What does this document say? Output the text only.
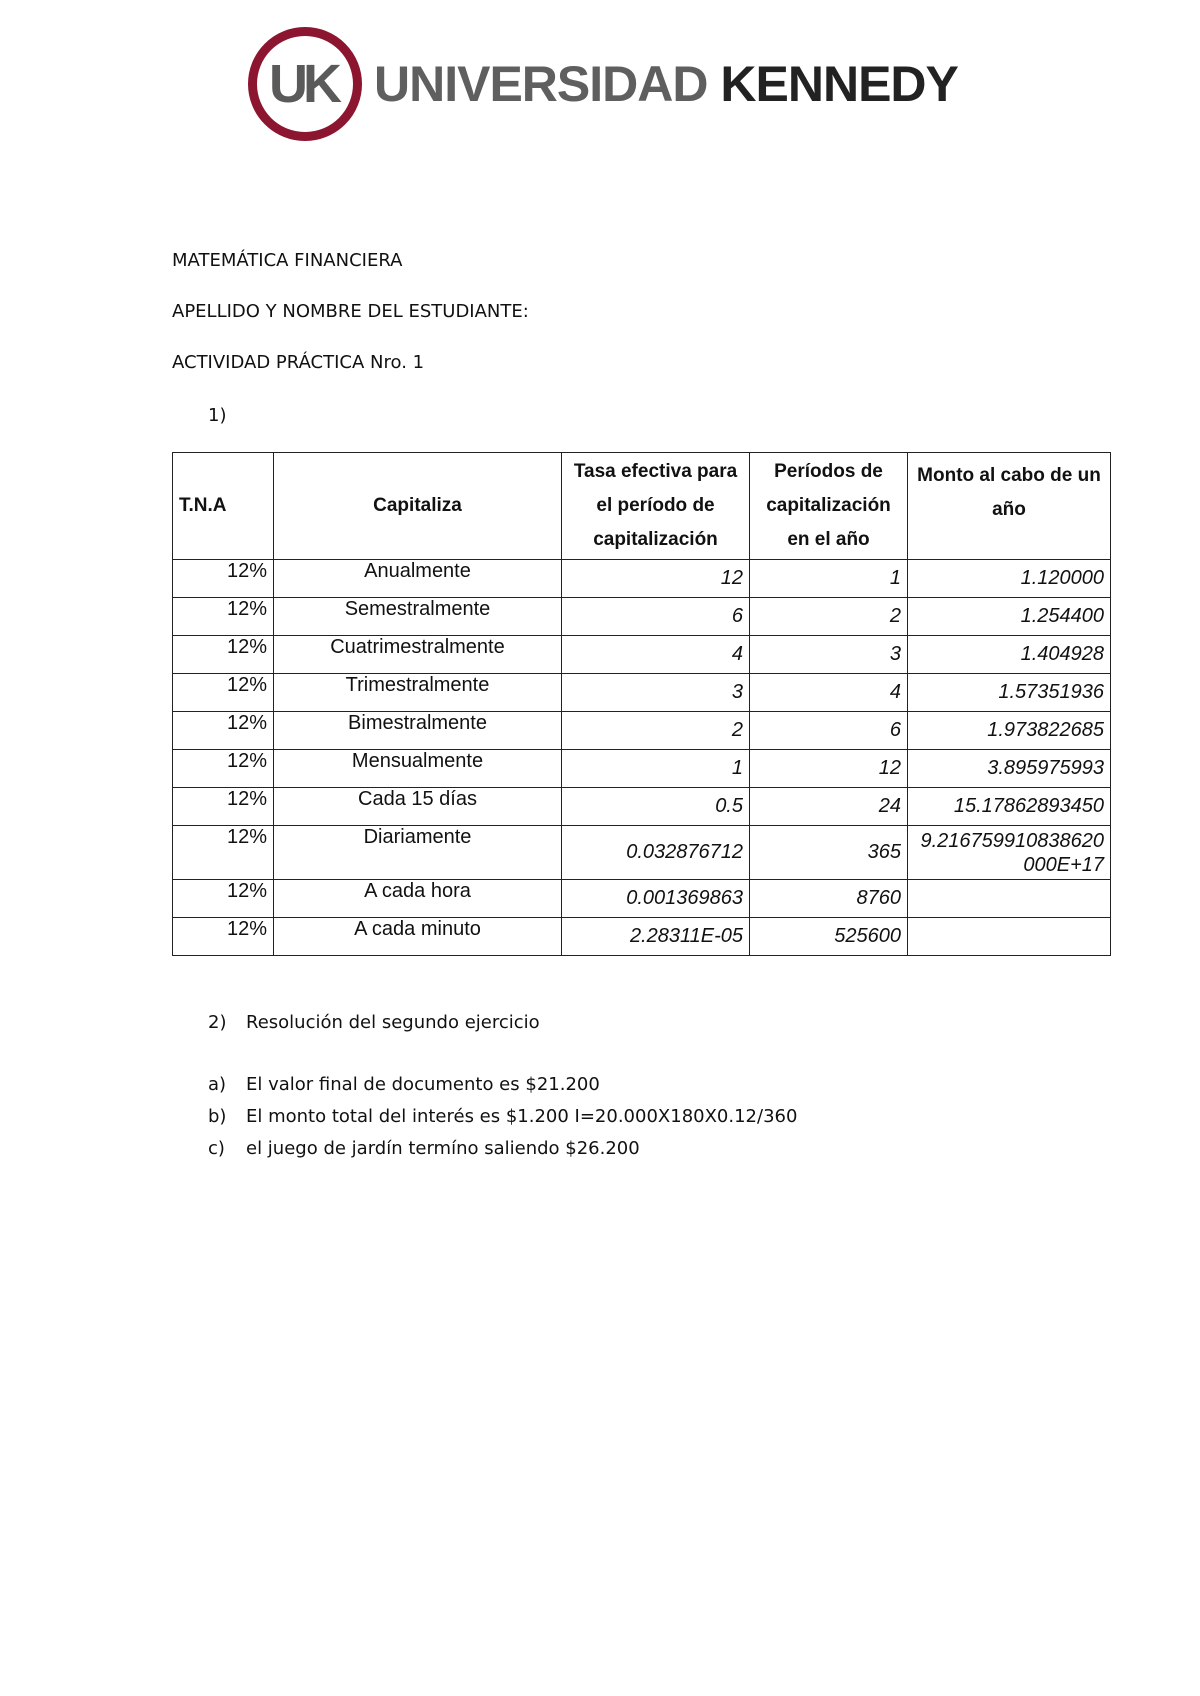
UK UNIVERSIDAD KENNEDY
MATEMÁTICA FINANCIERA
APELLIDO Y NOMBRE DEL ESTUDIANTE:
ACTIVIDAD PRÁCTICA Nro. 1
1)
T.N.A	Capitaliza	Tasa efectiva para el período de capitalización	Períodos de capitalización en el año	Monto al cabo de un año
12%	Anualmente	12	1	1.120000
12%	Semestralmente	6	2	1.254400
12%	Cuatrimestralmente	4	3	1.404928
12%	Trimestralmente	3	4	1.57351936
12%	Bimestralmente	2	6	1.973822685
12%	Mensualmente	1	12	3.895975993
12%	Cada 15 días	0.5	24	15.17862893450
12%	Diariamente	0.032876712	365	9.216759910838620000E+17
12%	A cada hora	0.001369863	8760	
12%	A cada minuto	2.28311E-05	525600	
2) Resolución del segundo ejercicio
a) El valor final de documento es $21.200
b) El monto total del interés es $1.200 I=20.000X180X0.12/360
c) el juego de jardín termíno saliendo $26.200
